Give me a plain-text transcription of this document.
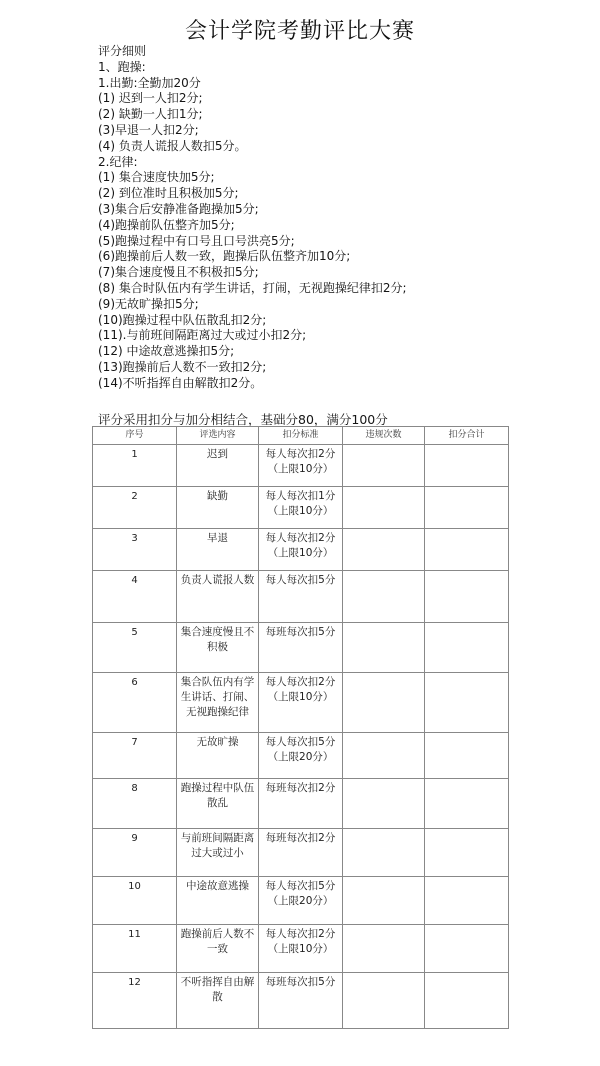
会计学院考勤评比大赛
评分细则
1、跑操:
1.出勤:全勤加20分
(1) 迟到一人扣2分;
(2) 缺勤一人扣1分;
(3)早退一人扣2分;
(4) 负责人谎报人数扣5分。
2.纪律:
(1) 集合速度快加5分;
(2) 到位准时且积极加5分;
(3)集合后安静准备跑操加5分;
(4)跑操前队伍整齐加5分;
(5)跑操过程中有口号且口号洪亮5分;
(6)跑操前后人数一致，跑操后队伍整齐加10分;
(7)集合速度慢且不积极扣5分;
(8) 集合时队伍内有学生讲话，打闹，无视跑操纪律扣2分;
(9)无故旷操扣5分;
(10)跑操过程中队伍散乱扣2分;
(11).与前班间隔距离过大或过小扣2分;
(12) 中途故意逃操扣5分;
(13)跑操前后人数不一致扣2分;
(14)不听指挥自由解散扣2分。
评分采用扣分与加分相结合，基础分80，满分100分
序号	评选内容	扣分标准	违规次数	扣分合计
1	迟到	每人每次扣2分（上限10分）		
2	缺勤	每人每次扣1分（上限10分）		
3	早退	每人每次扣2分（上限10分）		
4	负责人谎报人数	每人每次扣5分		
5	集合速度慢且不积极	每班每次扣5分		
6	集合队伍内有学生讲话、打闹、无视跑操纪律	每人每次扣2分（上限10分）		
7	无故旷操	每人每次扣5分（上限20分）		
8	跑操过程中队伍散乱	每班每次扣2分		
9	与前班间隔距离过大或过小	每班每次扣2分		
10	中途故意逃操	每人每次扣5分（上限20分）		
11	跑操前后人数不一致	每人每次扣2分（上限10分）		
12	不听指挥自由解散	每班每次扣5分		
